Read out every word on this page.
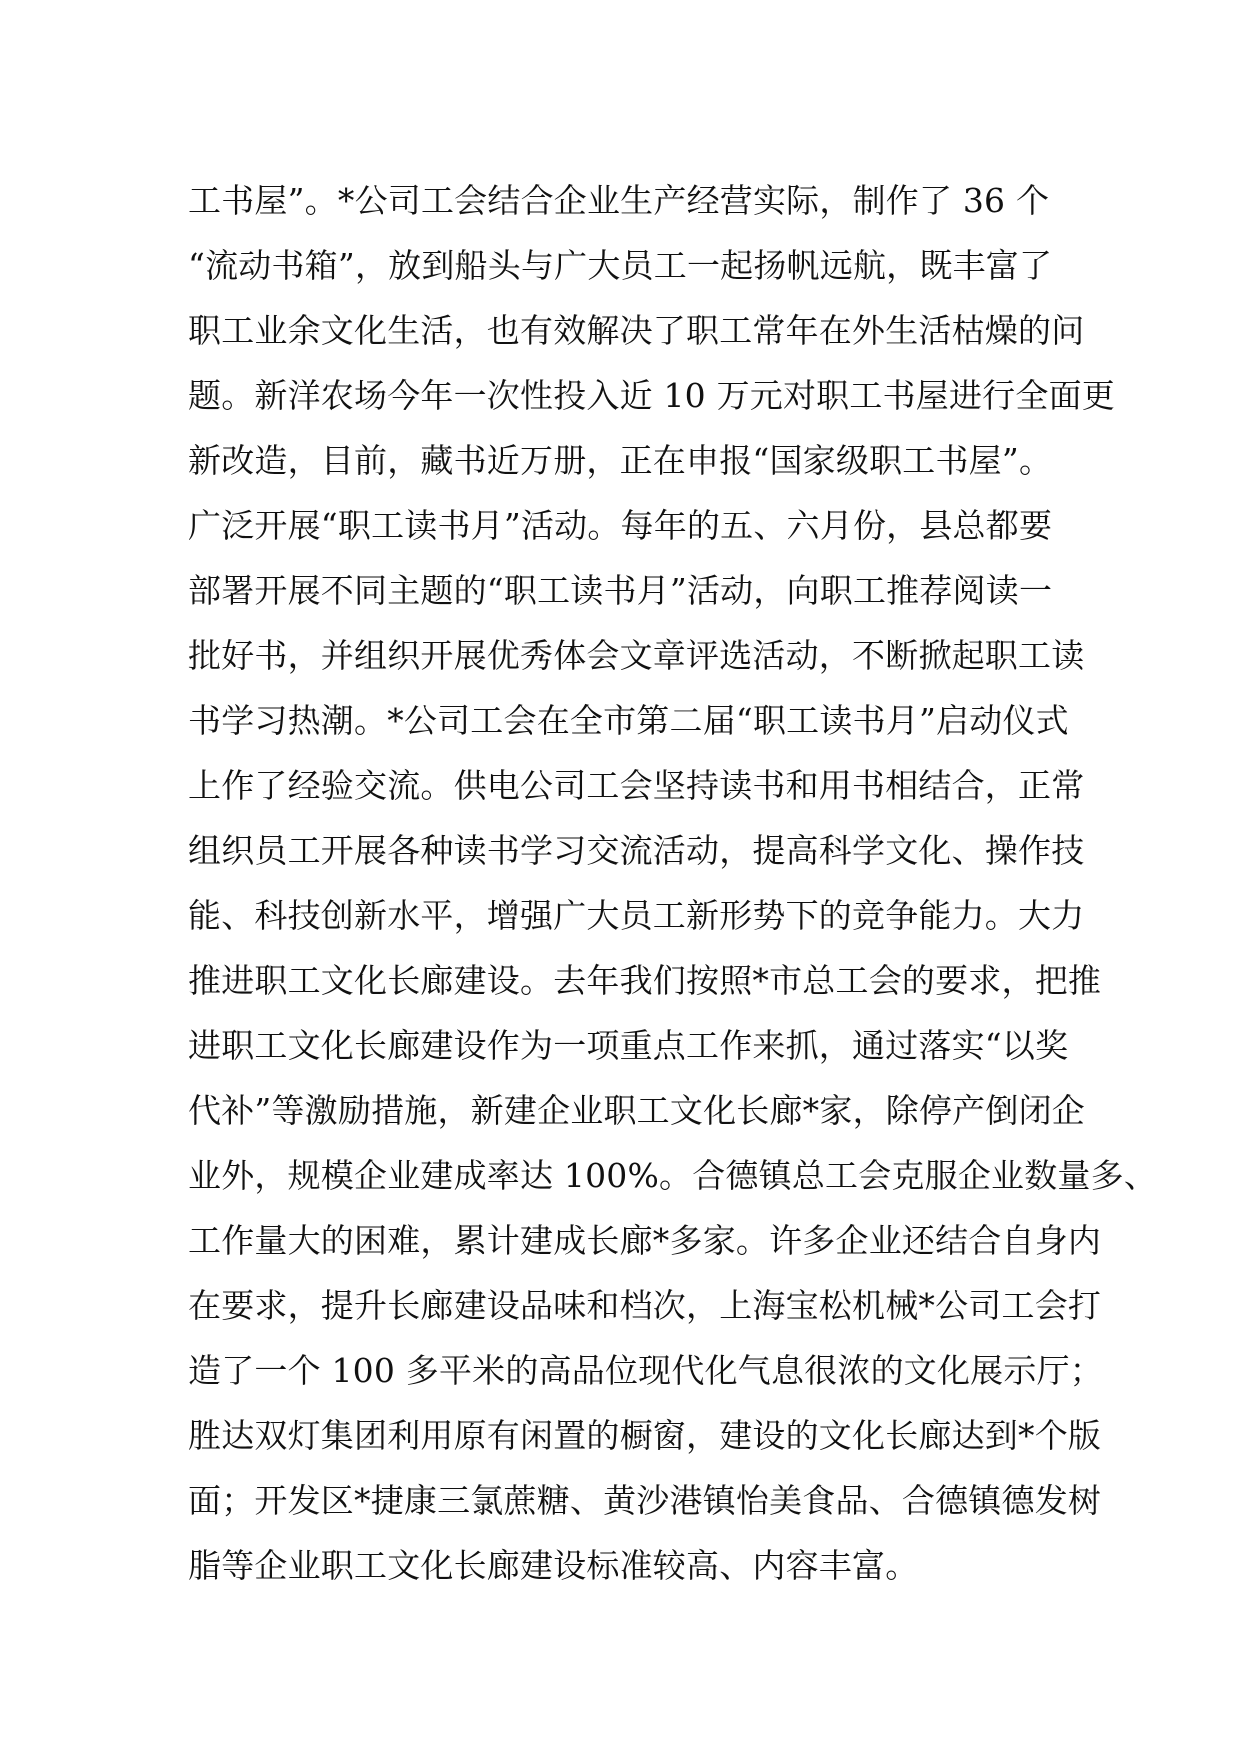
工书屋”。*公司工会结合企业生产经营实际，制作了 36 个
“流动书箱”，放到船头与广大员工一起扬帆远航，既丰富了
职工业余文化生活，也有效解决了职工常年在外生活枯燥的问
题。新洋农场今年一次性投入近 10 万元对职工书屋进行全面更
新改造，目前，藏书近万册，正在申报“国家级职工书屋”。
广泛开展“职工读书月”活动。每年的五、六月份，县总都要
部署开展不同主题的“职工读书月”活动，向职工推荐阅读一
批好书，并组织开展优秀体会文章评选活动，不断掀起职工读
书学习热潮。*公司工会在全市第二届“职工读书月”启动仪式
上作了经验交流。供电公司工会坚持读书和用书相结合，正常
组织员工开展各种读书学习交流活动，提高科学文化、操作技
能、科技创新水平，增强广大员工新形势下的竞争能力。大力
推进职工文化长廊建设。去年我们按照*市总工会的要求，把推
进职工文化长廊建设作为一项重点工作来抓，通过落实“以奖
代补”等激励措施，新建企业职工文化长廊*家，除停产倒闭企
业外，规模企业建成率达 100%。合德镇总工会克服企业数量多、
工作量大的困难，累计建成长廊*多家。许多企业还结合自身内
在要求，提升长廊建设品味和档次，上海宝松机械*公司工会打
造了一个 100 多平米的高品位现代化气息很浓的文化展示厅；
胜达双灯集团利用原有闲置的橱窗，建设的文化长廊达到*个版
面；开发区*捷康三氯蔗糖、黄沙港镇怡美食品、合德镇德发树
脂等企业职工文化长廊建设标准较高、内容丰富。
